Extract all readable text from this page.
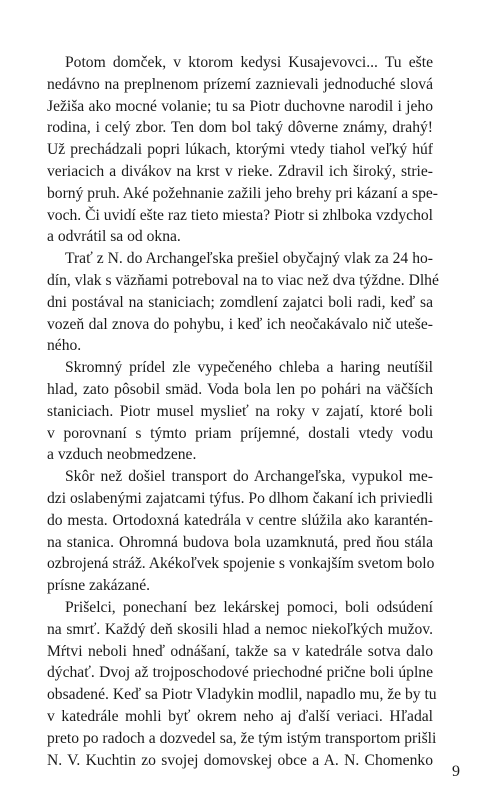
Potom domček, v ktorom kedysi Kusajevovci... Tu ešte
nedávno na preplnenom prízemí zaznievali jednoduché slová
Ježiša ako mocné volanie; tu sa Piotr duchovne narodil i jeho
rodina, i celý zbor. Ten dom bol taký dôverne známy, drahý!
Už prechádzali popri lúkach, ktorými vtedy tiahol veľký húf
veriacich a divákov na krst v rieke. Zdravil ich široký, strie-
borný pruh. Aké požehnanie zažili jeho brehy pri kázaní a spe-
voch. Či uvidí ešte raz tieto miesta? Piotr si zhlboka vzdychol
a odvrátil sa od okna.

Trať z N. do Archangeľska prešiel obyčajný vlak za 24 ho-
dín, vlak s väzňami potreboval na to viac než dva týždne. Dlhé
dni postával na staniciach; zomdlení zajatci boli radi, keď sa
vozeň dal znova do pohybu, i keď ich neočakávalo nič utešе-
ného.

Skromný prídel zle vypečeného chleba a haring neutíšil
hlad, zato pôsobil smäd. Voda bola len po pohári na väčších
staniciach. Piotr musel myslieť na roky v zajatí, ktoré boli
v porovnaní s týmto priam príjemné, dostali vtedy vodu
a vzduch neobmedzene.

Skôr než došiel transport do Archangeľska, vypukol me-
dzi oslabenými zajatcami týfus. Po dlhom čakaní ich priviedli
do mesta. Ortodoxná katedrála v centre slúžila ako karantén-
na stanica. Ohromná budova bola uzamknutá, pred ňou stála
ozbrojená stráž. Akékoľvek spojenie s vonkajším svetom bolo
prísne zakázané.

Prišelci, ponechaní bez lekárskej pomoci, boli odsúdení
na smrť. Každý deň skosili hlad a nemoc niekoľkých mužov.
Mŕtvi neboli hneď odnášaní, takže sa v katedrále sotva dalo
dýchať. Dvoj až trojposchodové priechodné prične boli úplne
obsadené. Keď sa Piotr Vladykin modlil, napadlo mu, že by tu
v katedrále mohli byť okrem neho aj ďalší veriaci. Hľadal
preto po radoch a dozvedel sa, že tým istým transportom prišli
N. V. Kuchtin zo svojej domovskej obce a A. N. Chomenko

9
